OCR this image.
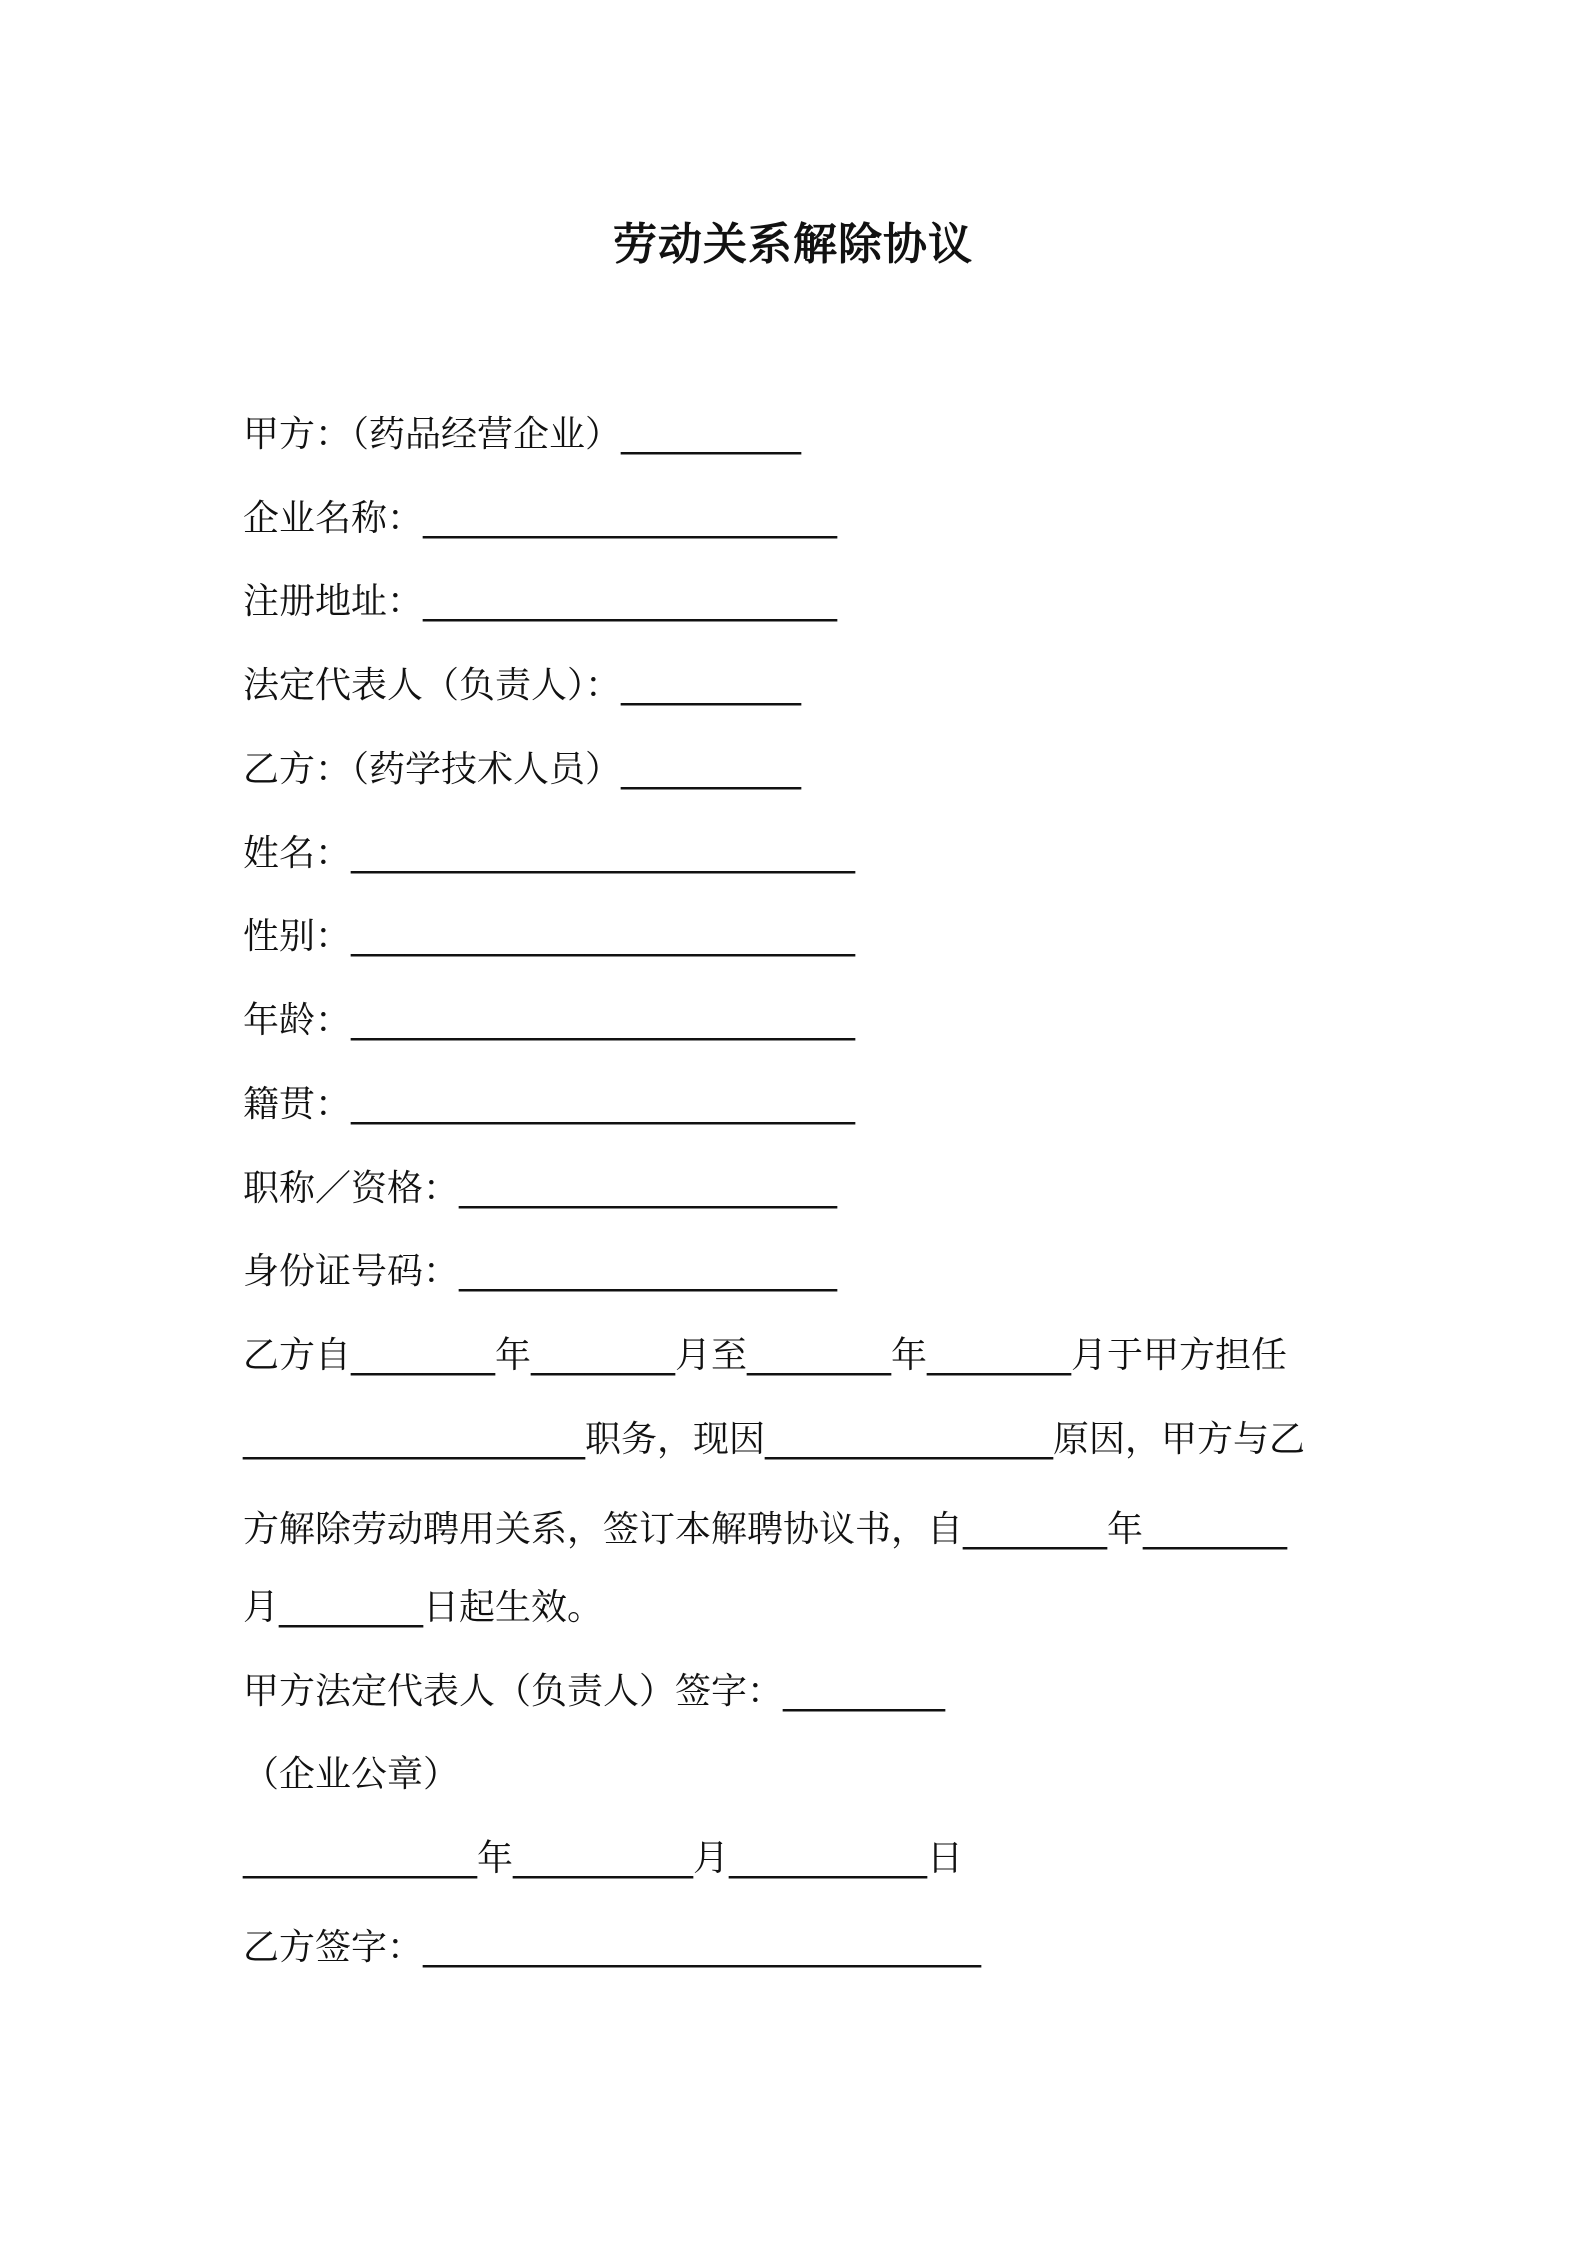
劳动关系解除协议
甲方：（药品经营企业）__________
企业名称：_______________________
注册地址：_______________________
法定代表人（负责人）：__________
乙方：（药学技术人员）__________
姓名：____________________________
性别：____________________________
年龄：____________________________
籍贯：____________________________
职称／资格：_____________________
身份证号码：_____________________
乙方自________年________月至________年________月于甲方担任
___________________职务，现因________________原因，甲方与乙
方解除劳动聘用关系，签订本解聘协议书，自________年________
月________日起生效。
甲方法定代表人（负责人）签字：_________
（企业公章）
_____________年__________月___________日
乙方签字：_______________________________
